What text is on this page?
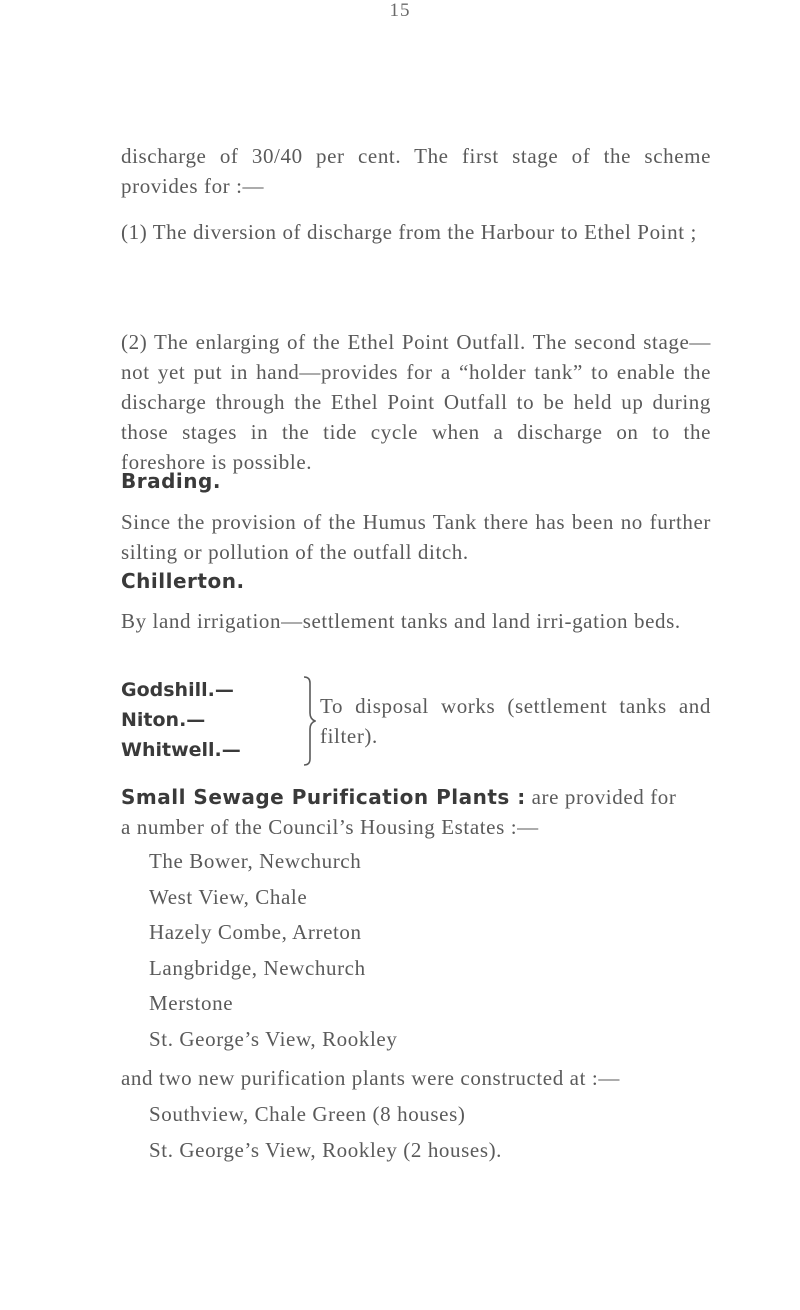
15

discharge of 30/40 per cent. The first stage of the scheme provides for :—

(1) The diversion of discharge from the Harbour to Ethel Point ;

(2) The enlarging of the Ethel Point Outfall. The second stage—not yet put in hand—provides for a “holder tank” to enable the discharge through the Ethel Point Outfall to be held up during those stages in the tide cycle when a discharge on to the foreshore is possible.

Brading.

Since the provision of the Humus Tank there has been no further silting or pollution of the outfall ditch.

Chillerton.

By land irrigation—settlement tanks and land irri-gation beds.

Godshill.—
Niton.—
Whitwell.—

To disposal works (settlement tanks and filter).

Small Sewage Purification Plants : are provided for

a number of the Council’s Housing Estates :—

The Bower, Newchurch
West View, Chale
Hazely Combe, Arreton
Langbridge, Newchurch
Merstone
St. George’s View, Rookley

and two new purification plants were constructed at :—

Southview, Chale Green (8 houses)
St. George’s View, Rookley (2 houses).
